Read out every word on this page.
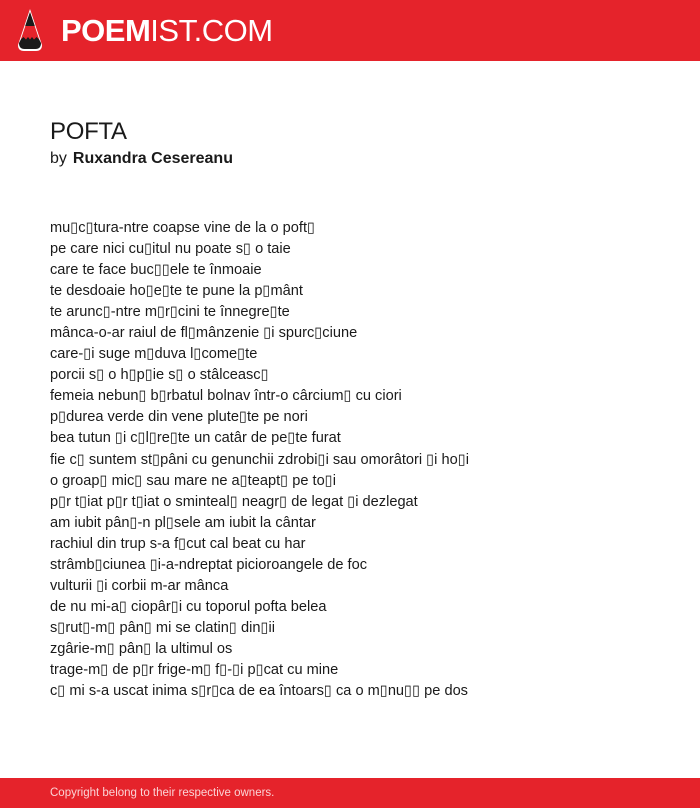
POEMIST.COM
POFTA
by Ruxandra Cesereanu
mu▯c▯tura-ntre coapse vine de la o poft▯
pe care nici cu▯itul nu poate s▯ o taie
care te face buc▯▯ele te înmoaie
te desdoaie ho▯e▯te te pune la p▯mânt
te arunc▯-ntre m▯r▯cini te înnegre▯te
mânca-o-ar raiul de fl▯mânzenie ▯i spurc▯ciune
care-▯i suge m▯duva l▯come▯te
porcii s▯ o h▯p▯ie s▯ o stâlceasc▯
femeia nebun▯ b▯rbatul bolnav într-o cârcium▯ cu ciori
p▯durea verde din vene plute▯te pe nori
bea tutun ▯i c▯l▯re▯te un catâr de pe▯te furat
fie c▯ suntem st▯pâni cu genunchii zdrobi▯i sau omorâtori ▯i ho▯i
o groap▯ mic▯ sau mare ne a▯teapt▯ pe to▯i
p▯r t▯iat p▯r t▯iat o sminteal▯ neagr▯ de legat ▯i dezlegat
am iubit pân▯-n pl▯sele am iubit la cântar
rachiul din trup s-a f▯cut cal beat cu har
strâmb▯ciunea ▯i-a-ndreptat picioroangele de foc
vulturii ▯i corbii m-ar mânca
de nu mi-a▯ ciopâr▯i cu toporul pofta belea
s▯rut▯-m▯ pân▯ mi se clatin▯ din▯ii
zgârie-m▯ pân▯ la ultimul os
trage-m▯ de p▯r frige-m▯ f▯-▯i p▯cat cu mine
c▯ mi s-a uscat inima s▯r▯ca de ea întoars▯ ca o m▯nu▯▯ pe dos
Copyright belong to their respective owners.
